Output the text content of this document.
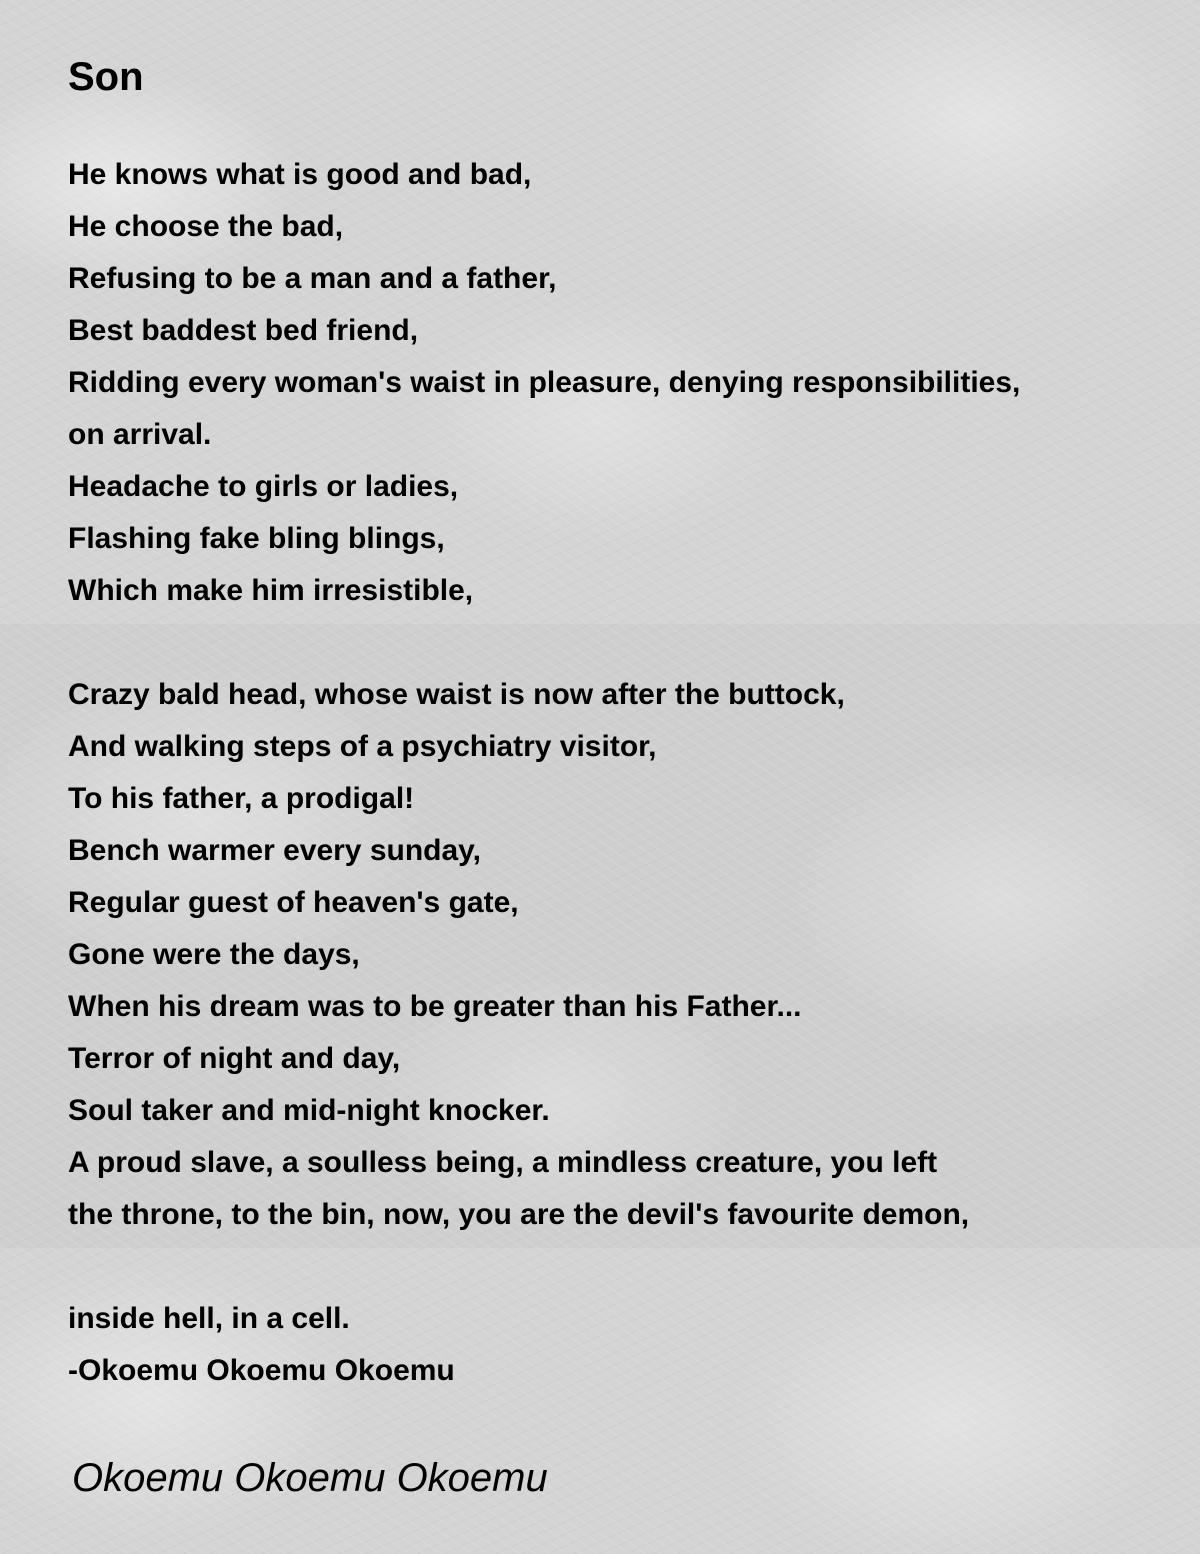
Son
He knows what is good and bad,
He choose the bad,
Refusing to be a man and a father,
Best baddest bed friend,
Ridding every woman's waist in pleasure, denying responsibilities,
on arrival.
Headache to girls or ladies,
Flashing fake bling blings,
Which make him irresistible,
Crazy bald head, whose waist is now after the buttock,
And walking steps of a psychiatry visitor,
To his father, a prodigal!
Bench warmer every sunday,
Regular guest of heaven's gate,
Gone were the days,
When his dream was to be greater than his Father...
Terror of night and day,
Soul taker and mid-night knocker.
A proud slave, a soulless being, a mindless creature, you left
the throne, to the bin, now, you are the devil's favourite demon,
inside hell, in a cell.
-Okoemu Okoemu Okoemu
Okoemu Okoemu Okoemu
